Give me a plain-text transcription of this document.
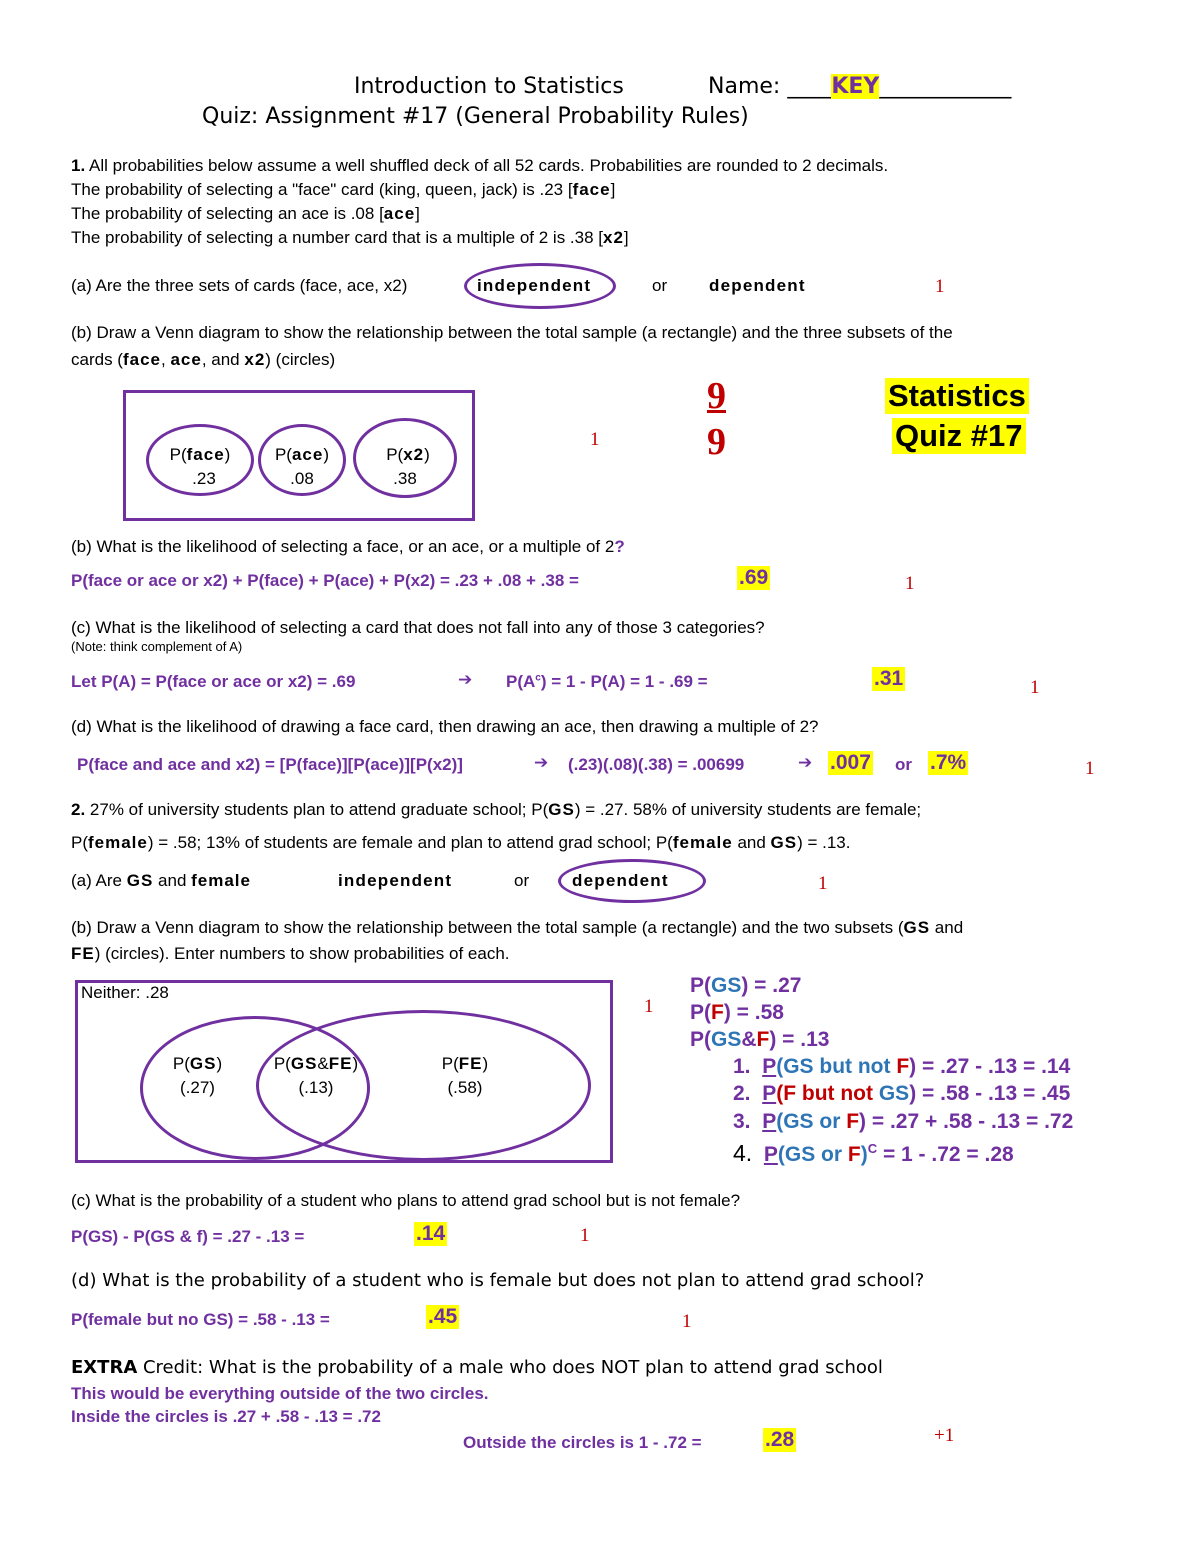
Introduction to Statistics	Name: ____KEY____________
Quiz: Assignment #17 (General Probability Rules)
9
9
Statistics
Quiz #17
1. All probabilities below assume a well shuffled deck of all 52 cards. Probabilities are rounded to 2 decimals.
The probability of selecting a "face" card (king, queen, jack) is .23 [face]
The probability of selecting an ace is .08 [ace]
The probability of selecting a number card that is a multiple of 2 is .38 [x2]
(a) Are the three sets of cards (face, ace, x2)	independent	or dependent	1
(b) Draw a Venn diagram to show the relationship between the total sample (a rectangle) and the three subsets of the
cards (face, ace, and x2) (circles)
P(face)
.23
P(ace)
.08
P(x2)
.38
1
(b) What is the likelihood of selecting a face, or an ace, or a multiple of 2?
P(face or ace or x2) + P(face) + P(ace) + P(x2) = .23 + .08 + .38 =	.69	1
(c) What is the likelihood of selecting a card that does not fall into any of those 3 categories?
(Note: think complement of A)
Let P(A) = P(face or ace or x2) = .69	➔ $P(A^c) = 1 - P(A) = 1 - .69$ =	.31	1
(d) What is the likelihood of drawing a face card, then drawing an ace, then drawing a multiple of 2?
P(face and ace and x2) = [P(face)][P(ace)][P(x2)]	➔ (.23)(.08)(.38) = .00699	➔ .007 or .7%	1
2. 27% of university students plan to attend graduate school; P(GS) = .27. 58% of university students are female;
P(female) = .58; 13% of students are female and plan to attend grad school; P(female and GS) = .13.
(a) Are GS and female	independent	or	dependent	1
(b) Draw a Venn diagram to show the relationship between the total sample (a rectangle) and the two subsets (GS and
FE) (circles). Enter numbers to show probabilities of each.
Neither: .28
P(GS)
(.27)
P(GS&FE)
(.13)
P(FE)
(.58)
1
P(GS) = .27
P(F) = .58
P(GS&F) = .13
1. P(GS but not F) = .27 - .13 = .14
2. P(F but not GS) = .58 - .13 = .45
3. P(GS or F) = .27 + .58 - .13 = .72
4. P(GS or F)$^C$ = 1 - .72 = .28
(c) What is the probability of a student who plans to attend grad school but is not female?
P(GS) - P(GS & f) = .27 - .13 =	.14	1
(d) What is the probability of a student who is female but does not plan to attend grad school?
P(female but no GS) = .58 - .13 =	.45	1
EXTRA Credit: What is the probability of a male who does NOT plan to attend grad school
This would be everything outside of the two circles.
Inside the circles is .27 + .58 - .13 = .72
Outside the circles is 1 - .72 =	.28	+1
